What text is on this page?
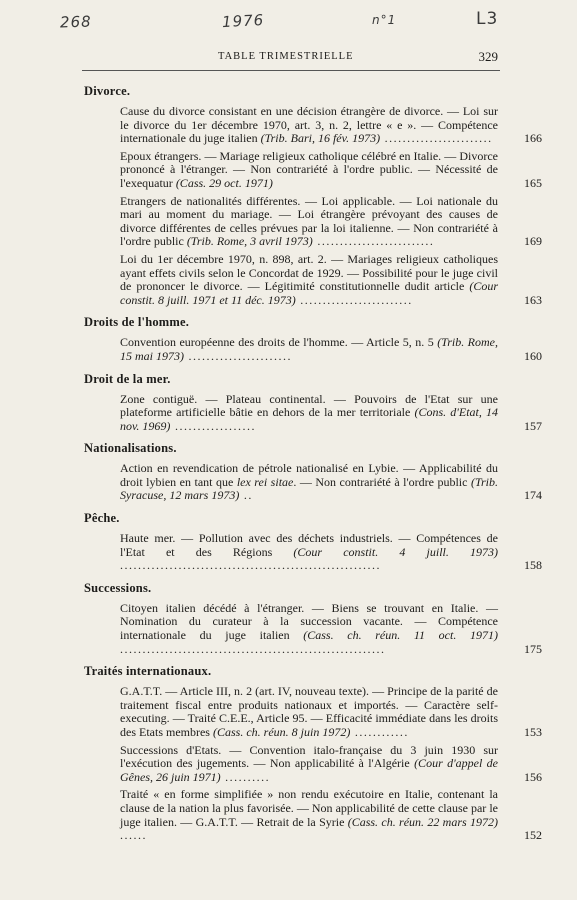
268	1976	n°1	L3
TABLE TRIMESTRIELLE	329
Divorce.
Cause du divorce consistant en une décision étrangère de divorce. — Loi sur le divorce du 1er décembre 1970, art. 3, n. 2, lettre « e ». — Compétence internationale du juge italien (Trib. Bari, 16 fév. 1973) ........................	166
Epoux étrangers. — Mariage religieux catholique célébré en Italie. — Divorce prononcé à l'étranger. — Non contrariété à l'ordre public. — Nécessité de l'exequatur (Cass. 29 oct. 1971)	165
Etrangers de nationalités différentes. — Loi applicable. — Loi nationale du mari au moment du mariage. — Loi étrangère prévoyant des causes de divorce différentes de celles prévues par la loi italienne. — Non contrariété à l'ordre public (Trib. Rome, 3 avril 1973) ..........................	169
Loi du 1er décembre 1970, n. 898, art. 2. — Mariages religieux catholiques ayant effets civils selon le Concordat de 1929. — Possibilité pour le juge civil de prononcer le divorce. — Légitimité constitutionnelle dudit article (Cour constit. 8 juill. 1971 et 11 déc. 1973) .........................	163
Droits de l'homme.
Convention européenne des droits de l'homme. — Article 5, n. 5 (Trib. Rome, 15 mai 1973) .......................	160
Droit de la mer.
Zone contiguë. — Plateau continental. — Pouvoirs de l'Etat sur une plateforme artificielle bâtie en dehors de la mer territoriale (Cons. d'Etat, 14 nov. 1969) ..................	157
Nationalisations.
Action en revendication de pétrole nationalisé en Lybie. — Applicabilité du droit lybien en tant que lex rei sitae. — Non contrariété à l'ordre public (Trib. Syracuse, 12 mars 1973) ..	174
Pêche.
Haute mer. — Pollution avec des déchets industriels. — Compétences de l'Etat et des Régions (Cour constit. 4 juill. 1973) ..........................................................	158
Successions.
Citoyen italien décédé à l'étranger. — Biens se trouvant en Italie. — Nomination du curateur à la succession vacante. — Compétence internationale du juge italien (Cass. ch. réun. 11 oct. 1971) ...........................................................	175
Traités internationaux.
G.A.T.T. — Article III, n. 2 (art. IV, nouveau texte). — Principe de la parité de traitement fiscal entre produits nationaux et importés. — Caractère self-executing. — Traité C.E.E., Article 95. — Efficacité immédiate dans les droits des Etats membres (Cass. ch. réun. 8 juin 1972) ............	153
Successions d'Etats. — Convention italo-française du 3 juin 1930 sur l'exécution des jugements. — Non applicabilité à l'Algérie (Cour d'appel de Gênes, 26 juin 1971) ..........	156
Traité « en forme simplifiée » non rendu exécutoire en Italie, contenant la clause de la nation la plus favorisée. — Non applicabilité de cette clause par le juge italien. — G.A.T.T. — Retrait de la Syrie (Cass. ch. réun. 22 mars 1972) ......	152
